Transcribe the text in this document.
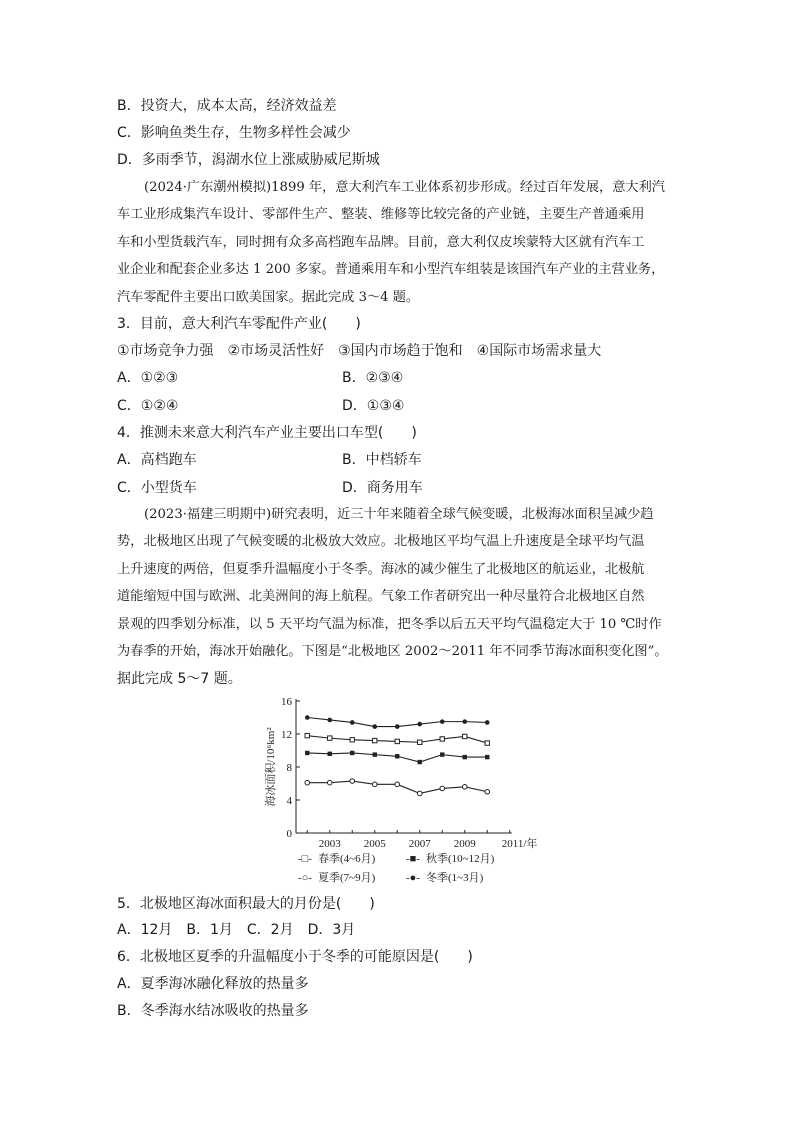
B．投资大，成本太高，经济效益差
C．影响鱼类生存，生物多样性会减少
D．多雨季节，潟湖水位上涨威胁威尼斯城
(2024·广东潮州模拟)1899 年，意大利汽车工业体系初步形成。经过百年发展，意大利汽
车工业形成集汽车设计、零部件生产、整装、维修等比较完备的产业链，主要生产普通乘用
车和小型货载汽车，同时拥有众多高档跑车品牌。目前，意大利仅皮埃蒙特大区就有汽车工
业企业和配套企业多达 1 200 多家。普通乘用车和小型汽车组装是该国汽车产业的主营业务，
汽车零配件主要出口欧美国家。据此完成 3～4 题。
3．目前，意大利汽车零配件产业(　　)
①市场竞争力强　②市场灵活性好　③国内市场趋于饱和　④国际市场需求量大
A．①②③	B．②③④
C．①②④	D．①③④
4．推测未来意大利汽车产业主要出口车型(　　)
A．高档跑车	B．中档轿车
C．小型货车	D．商务用车
(2023·福建三明期中)研究表明，近三十年来随着全球气候变暖，北极海冰面积呈减少趋
势，北极地区出现了气候变暖的北极放大效应。北极地区平均气温上升速度是全球平均气温
上升速度的两倍，但夏季升温幅度小于冬季。海冰的减少催生了北极地区的航运业，北极航
道能缩短中国与欧洲、北美洲间的海上航程。气象工作者研究出一种尽量符合北极地区自然
景观的四季划分标准，以 5 天平均气温为标准，把冬季以后五天平均气温稳定大于 10 ℃时作
为春季的开始，海冰开始融化。下图是“北极地区 2002～2011 年不同季节海冰面积变化图”。
据此完成 5～7 题。
0
4
8
12
16
2003 2005 2007 2009 2011/年
海冰面积/10⁶km²
-□- 春季(4~6月)	-■- 秋季(10~12月)
-○- 夏季(7~9月)	-●- 冬季(1~3月)
5．北极地区海冰面积最大的月份是(　　)
A．12月　B．1月　C．2月　D．3月
6．北极地区夏季的升温幅度小于冬季的可能原因是(　　)
A．夏季海冰融化释放的热量多
B．冬季海水结冰吸收的热量多
